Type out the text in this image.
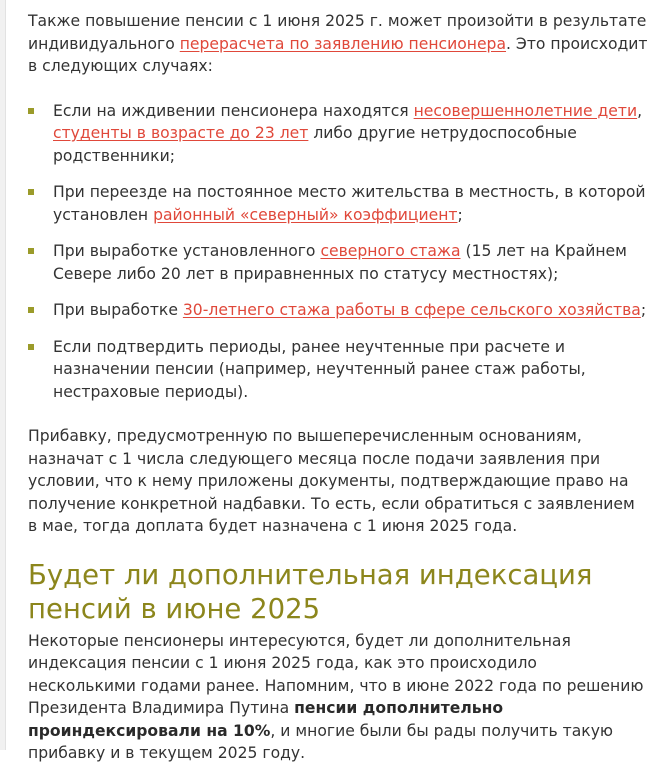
Также повышение пенсии с 1 июня 2025 г. может произойти в результате индивидуального перерасчета по заявлению пенсионера. Это происходит в следующих случаях:

Если на иждивении пенсионера находятся несовершеннолетние дети, студенты в возрасте до 23 лет либо другие нетрудоспособные родственники;
При переезде на постоянное место жительства в местность, в которой установлен районный «северный» коэффициент;
При выработке установленного северного стажа (15 лет на Крайнем Севере либо 20 лет в приравненных по статусу местностях);
При выработке 30-летнего стажа работы в сфере сельского хозяйства;
Если подтвердить периоды, ранее неучтенные при расчете и назначении пенсии (например, неучтенный ранее стаж работы, нестраховые периоды).

Прибавку, предусмотренную по вышеперечисленным основаниям, назначат с 1 числа следующего месяца после подачи заявления при условии, что к нему приложены документы, подтверждающие право на получение конкретной надбавки. То есть, если обратиться с заявлением в мае, тогда доплата будет назначена с 1 июня 2025 года.

Будет ли дополнительная индексация пенсий в июне 2025

Некоторые пенсионеры интересуются, будет ли дополнительная индексация пенсии с 1 июня 2025 года, как это происходило несколькими годами ранее. Напомним, что в июне 2022 года по решению Президента Владимира Путина пенсии дополнительно проиндексировали на 10%, и многие были бы рады получить такую прибавку и в текущем 2025 году.
